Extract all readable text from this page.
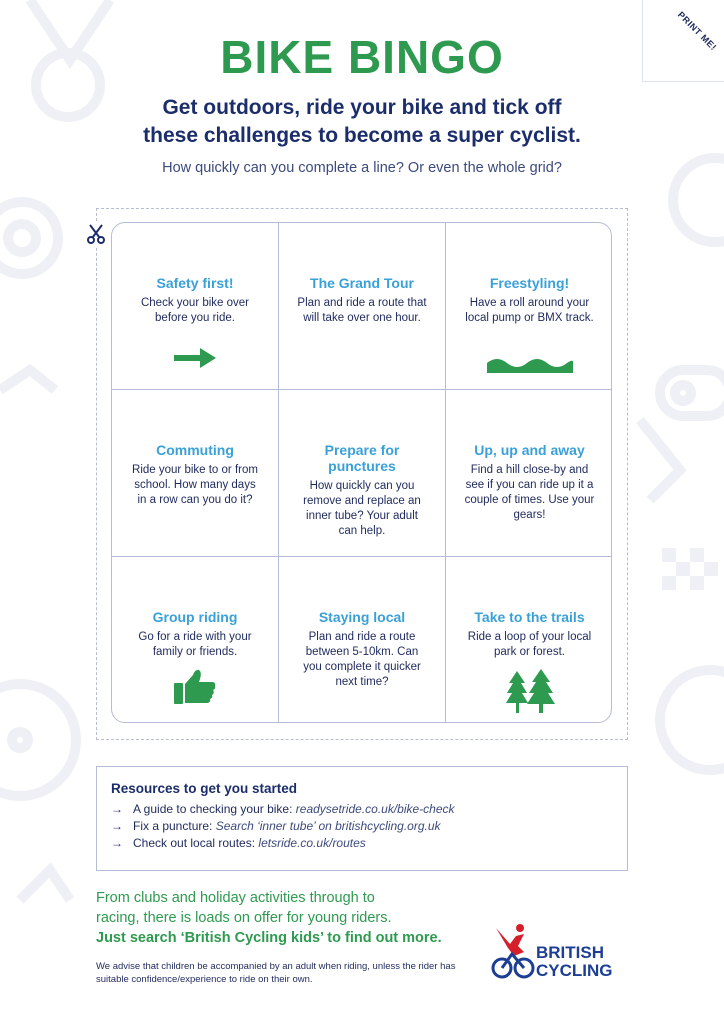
PRINT ME!
BIKE BINGO
Get outdoors, ride your bike and tick off
these challenges to become a super cyclist.
How quickly can you complete a line? Or even the whole grid?
Safety first!
Check your bike over before you ride.
The Grand Tour
Plan and ride a route that will take over one hour.
Freestyling!
Have a roll around your local pump or BMX track.
Commuting
Ride your bike to or from school. How many days in a row can you do it?
Prepare for punctures
How quickly can you remove and replace an inner tube? Your adult can help.
Up, up and away
Find a hill close-by and see if you can ride up it a couple of times. Use your gears!
Group riding
Go for a ride with your family or friends.
Staying local
Plan and ride a route between 5-10km. Can you complete it quicker next time?
Take to the trails
Ride a loop of your local park or forest.
Resources to get you started
→ A guide to checking your bike: readysetride.co.uk/bike-check
→ Fix a puncture: Search ‘inner tube’ on britishcycling.org.uk
→ Check out local routes: letsride.co.uk/routes
From clubs and holiday activities through to
racing, there is loads on offer for young riders.
Just search ‘British Cycling kids’ to find out more.
We advise that children be accompanied by an adult when riding, unless the rider has suitable confidence/experience to ride on their own.
BRITISH
CYCLING
